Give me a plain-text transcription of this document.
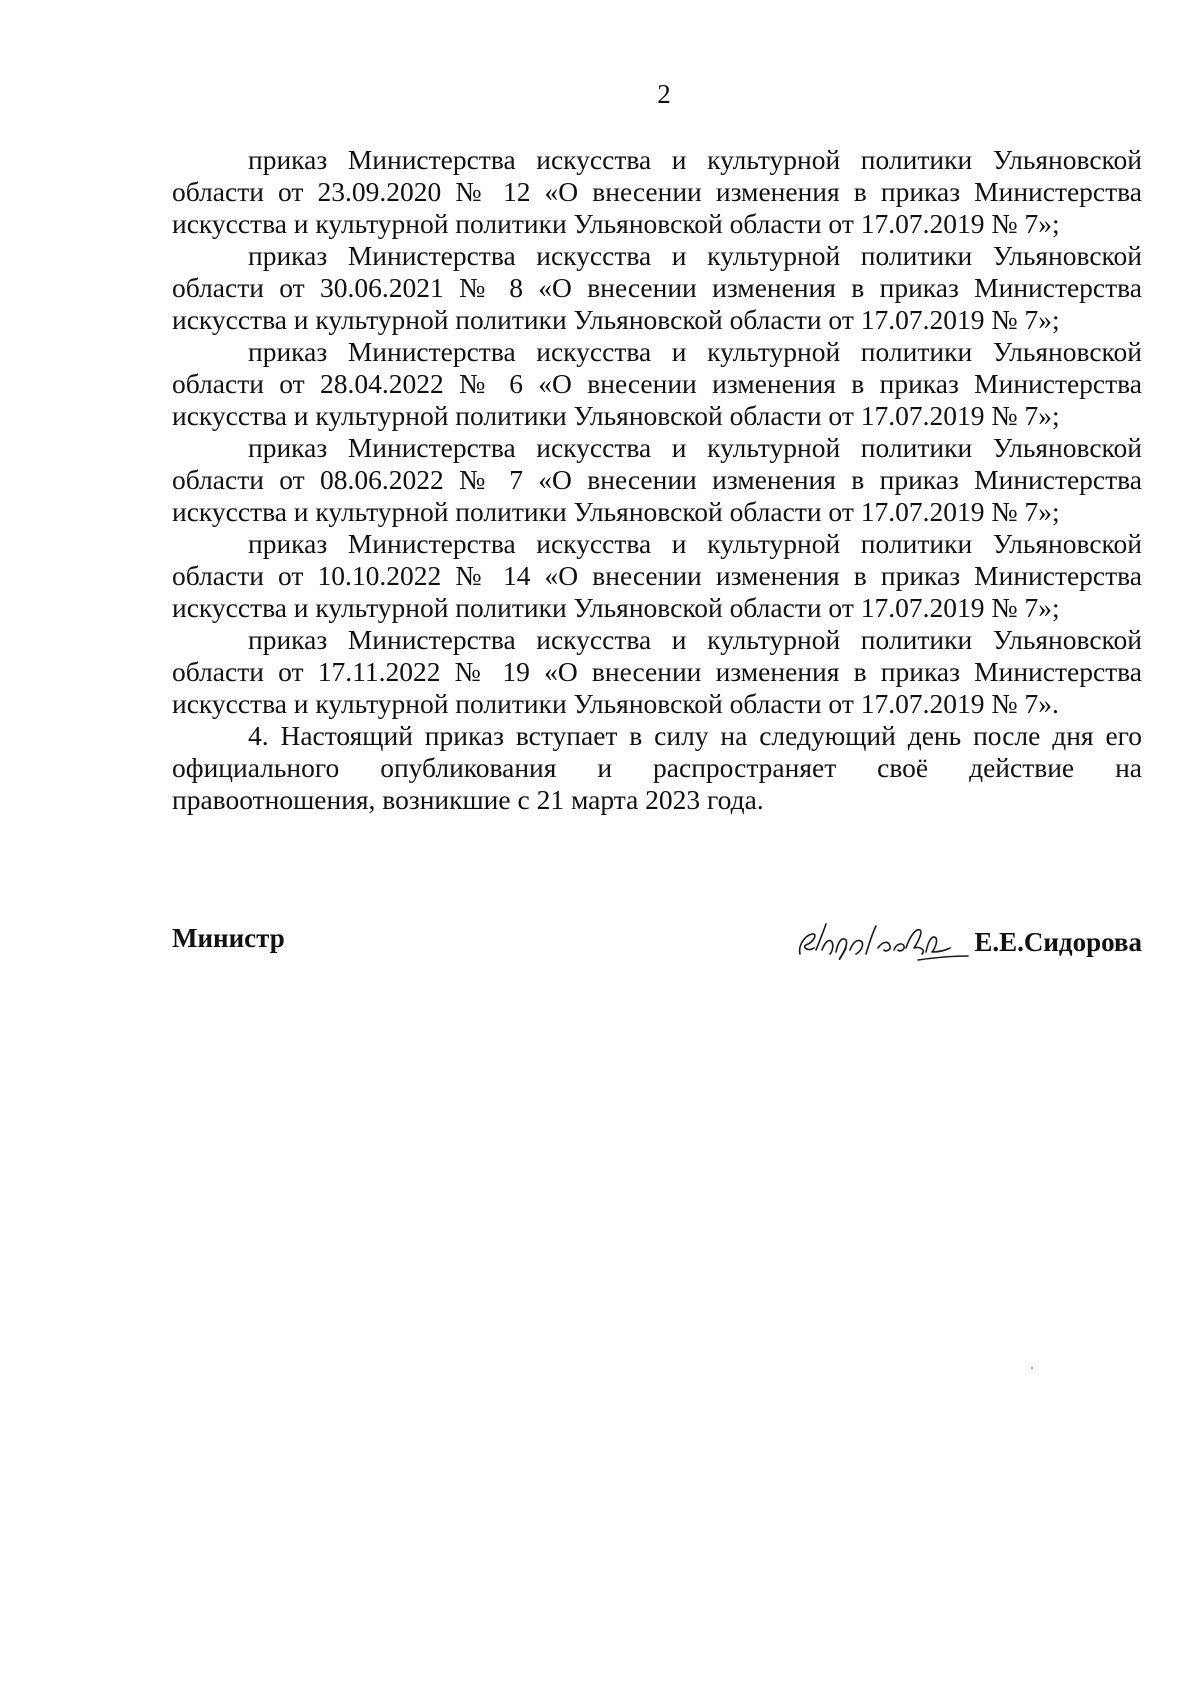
2

приказ Министерства искусства и культурной политики Ульяновской области от 23.09.2020 № 12 «О внесении изменения в приказ Министерства искусства и культурной политики Ульяновской области от 17.07.2019 № 7»;

приказ Министерства искусства и культурной политики Ульяновской области от 30.06.2021 № 8 «О внесении изменения в приказ Министерства искусства и культурной политики Ульяновской области от 17.07.2019 № 7»;

приказ Министерства искусства и культурной политики Ульяновской области от 28.04.2022 № 6 «О внесении изменения в приказ Министерства искусства и культурной политики Ульяновской области от 17.07.2019 № 7»;

приказ Министерства искусства и культурной политики Ульяновской области от 08.06.2022 № 7 «О внесении изменения в приказ Министерства искусства и культурной политики Ульяновской области от 17.07.2019 № 7»;

приказ Министерства искусства и культурной политики Ульяновской области от 10.10.2022 № 14 «О внесении изменения в приказ Министерства искусства и культурной политики Ульяновской области от 17.07.2019 № 7»;

приказ Министерства искусства и культурной политики Ульяновской области от 17.11.2022 № 19 «О внесении изменения в приказ Министерства искусства и культурной политики Ульяновской области от 17.07.2019 № 7».

4. Настоящий приказ вступает в силу на следующий день после дня его официального опубликования и распространяет своё действие на правоотношения, возникшие с 21 марта 2023 года.

Министр	Е.Е.Сидорова
